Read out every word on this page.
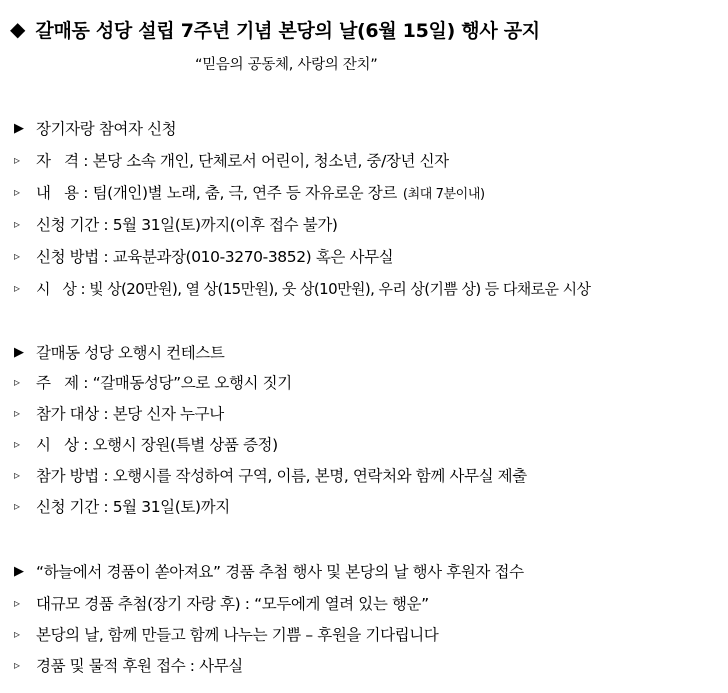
◆ 갈매동 성당 설립 7주년 기념 본당의 날(6월 15일) 행사 공지
“믿음의 공동체, 사랑의 잔치”
▶ 장기자랑 참여자 신청
▹	자   격 : 본당 소속 개인, 단체로서 어린이, 청소년, 중/장년 신자
▹	내   용 : 팀(개인)별 노래, 춤, 극, 연주 등 자유로운 장르 (최대 7분이내)
▹	신청 기간 : 5월 31일(토)까지(이후 접수 불가)
▹	신청 방법 : 교육분과장(010-3270-3852) 혹은 사무실
▹	시   상 : 빛 상(20만원), 열 상(15만원), 웃 상(10만원), 우리 상(기쁨 상) 등 다채로운 시상
▶ 갈매동 성당 오행시 컨테스트
▹	주   제 : “갈매동성당”으로 오행시 짓기
▹	참가 대상 : 본당 신자 누구나
▹	시   상 : 오행시 장원(특별 상품 증정)
▹	참가 방법 : 오행시를 작성하여 구역, 이름, 본명, 연락처와 함께 사무실 제출
▹	신청 기간 : 5월 31일(토)까지
▶ “하늘에서 경품이 쏟아져요” 경품 추첨 행사 및 본당의 날 행사 후원자 접수
▹	대규모 경품 추첨(장기 자랑 후) : “모두에게 열려 있는 행운”
▹	본당의 날, 함께 만들고 함께 나누는 기쁨 – 후원을 기다립니다
▹	경품 및 물적 후원 접수 : 사무실
